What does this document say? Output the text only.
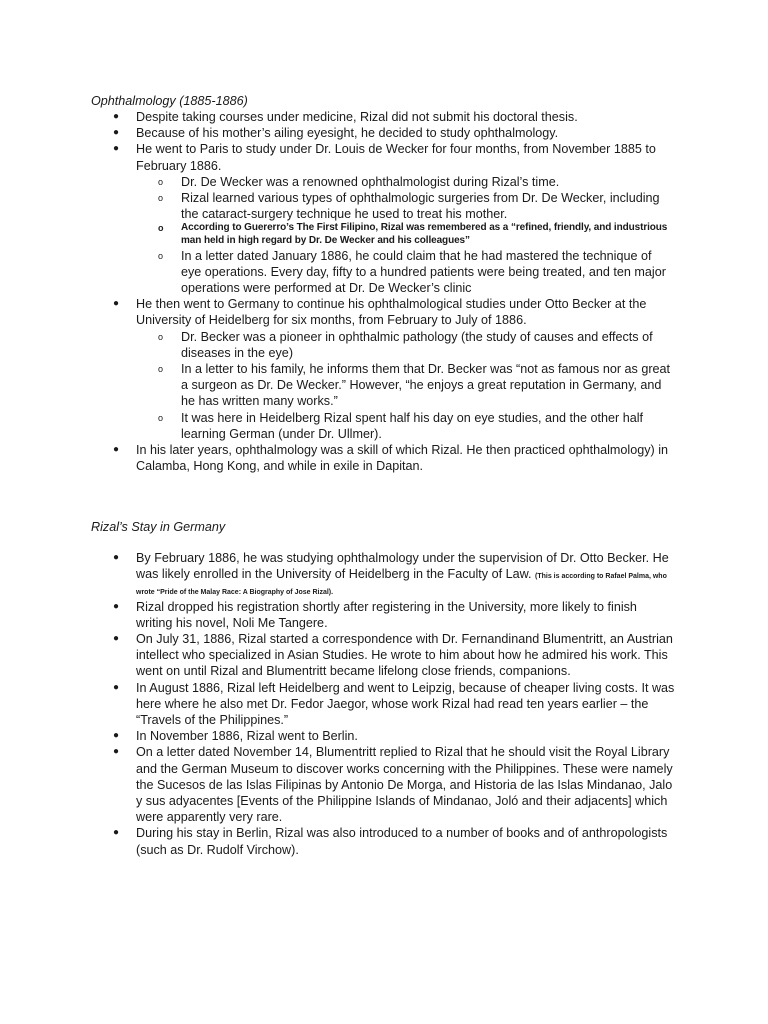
Ophthalmology (1885-1886)
● Despite taking courses under medicine, Rizal did not submit his doctoral thesis.
● Because of his mother’s ailing eyesight, he decided to study ophthalmology.
● He went to Paris to study under Dr. Louis de Wecker for four months, from November 1885 to February 1886.
o Dr. De Wecker was a renowned ophthalmologist during Rizal’s time.
o Rizal learned various types of ophthalmologic surgeries from Dr. De Wecker, including the cataract-surgery technique he used to treat his mother.
o According to Guererro’s The First Filipino, Rizal was remembered as a “refined, friendly, and industrious man held in high regard by Dr. De Wecker and his colleagues”
o In a letter dated January 1886, he could claim that he had mastered the technique of eye operations. Every day, fifty to a hundred patients were being treated, and ten major operations were performed at Dr. De Wecker’s clinic
● He then went to Germany to continue his ophthalmological studies under Otto Becker at the University of Heidelberg for six months, from February to July of 1886.
o Dr. Becker was a pioneer in ophthalmic pathology (the study of causes and effects of diseases in the eye)
o In a letter to his family, he informs them that Dr. Becker was “not as famous nor as great a surgeon as Dr. De Wecker.” However, “he enjoys a great reputation in Germany, and he has written many works.”
o It was here in Heidelberg Rizal spent half his day on eye studies, and the other half learning German (under Dr. Ullmer).
● In his later years, ophthalmology was a skill of which Rizal. He then practiced ophthalmology) in Calamba, Hong Kong, and while in exile in Dapitan.
Rizal’s Stay in Germany
● By February 1886, he was studying ophthalmology under the supervision of Dr. Otto Becker. He was likely enrolled in the University of Heidelberg in the Faculty of Law. (This is according to Rafael Palma, who wrote “Pride of the Malay Race: A Biography of Jose Rizal).
● Rizal dropped his registration shortly after registering in the University, more likely to finish writing his novel, Noli Me Tangere.
● On July 31, 1886, Rizal started a correspondence with Dr. Fernandinand Blumentritt, an Austrian intellect who specialized in Asian Studies. He wrote to him about how he admired his work. This went on until Rizal and Blumentritt became lifelong close friends, companions.
● In August 1886, Rizal left Heidelberg and went to Leipzig, because of cheaper living costs. It was here where he also met Dr. Fedor Jaegor, whose work Rizal had read ten years earlier – the “Travels of the Philippines.”
● In November 1886, Rizal went to Berlin.
● On a letter dated November 14, Blumentritt replied to Rizal that he should visit the Royal Library and the German Museum to discover works concerning with the Philippines. These were namely the Sucesos de las Islas Filipinas by Antonio De Morga, and Historia de las Islas Mindanao, Jalo y sus adyacentes [Events of the Philippine Islands of Mindanao, Joló and their adjacents] which were apparently very rare.
● During his stay in Berlin, Rizal was also introduced to a number of books and of anthropologists (such as Dr. Rudolf Virchow).
